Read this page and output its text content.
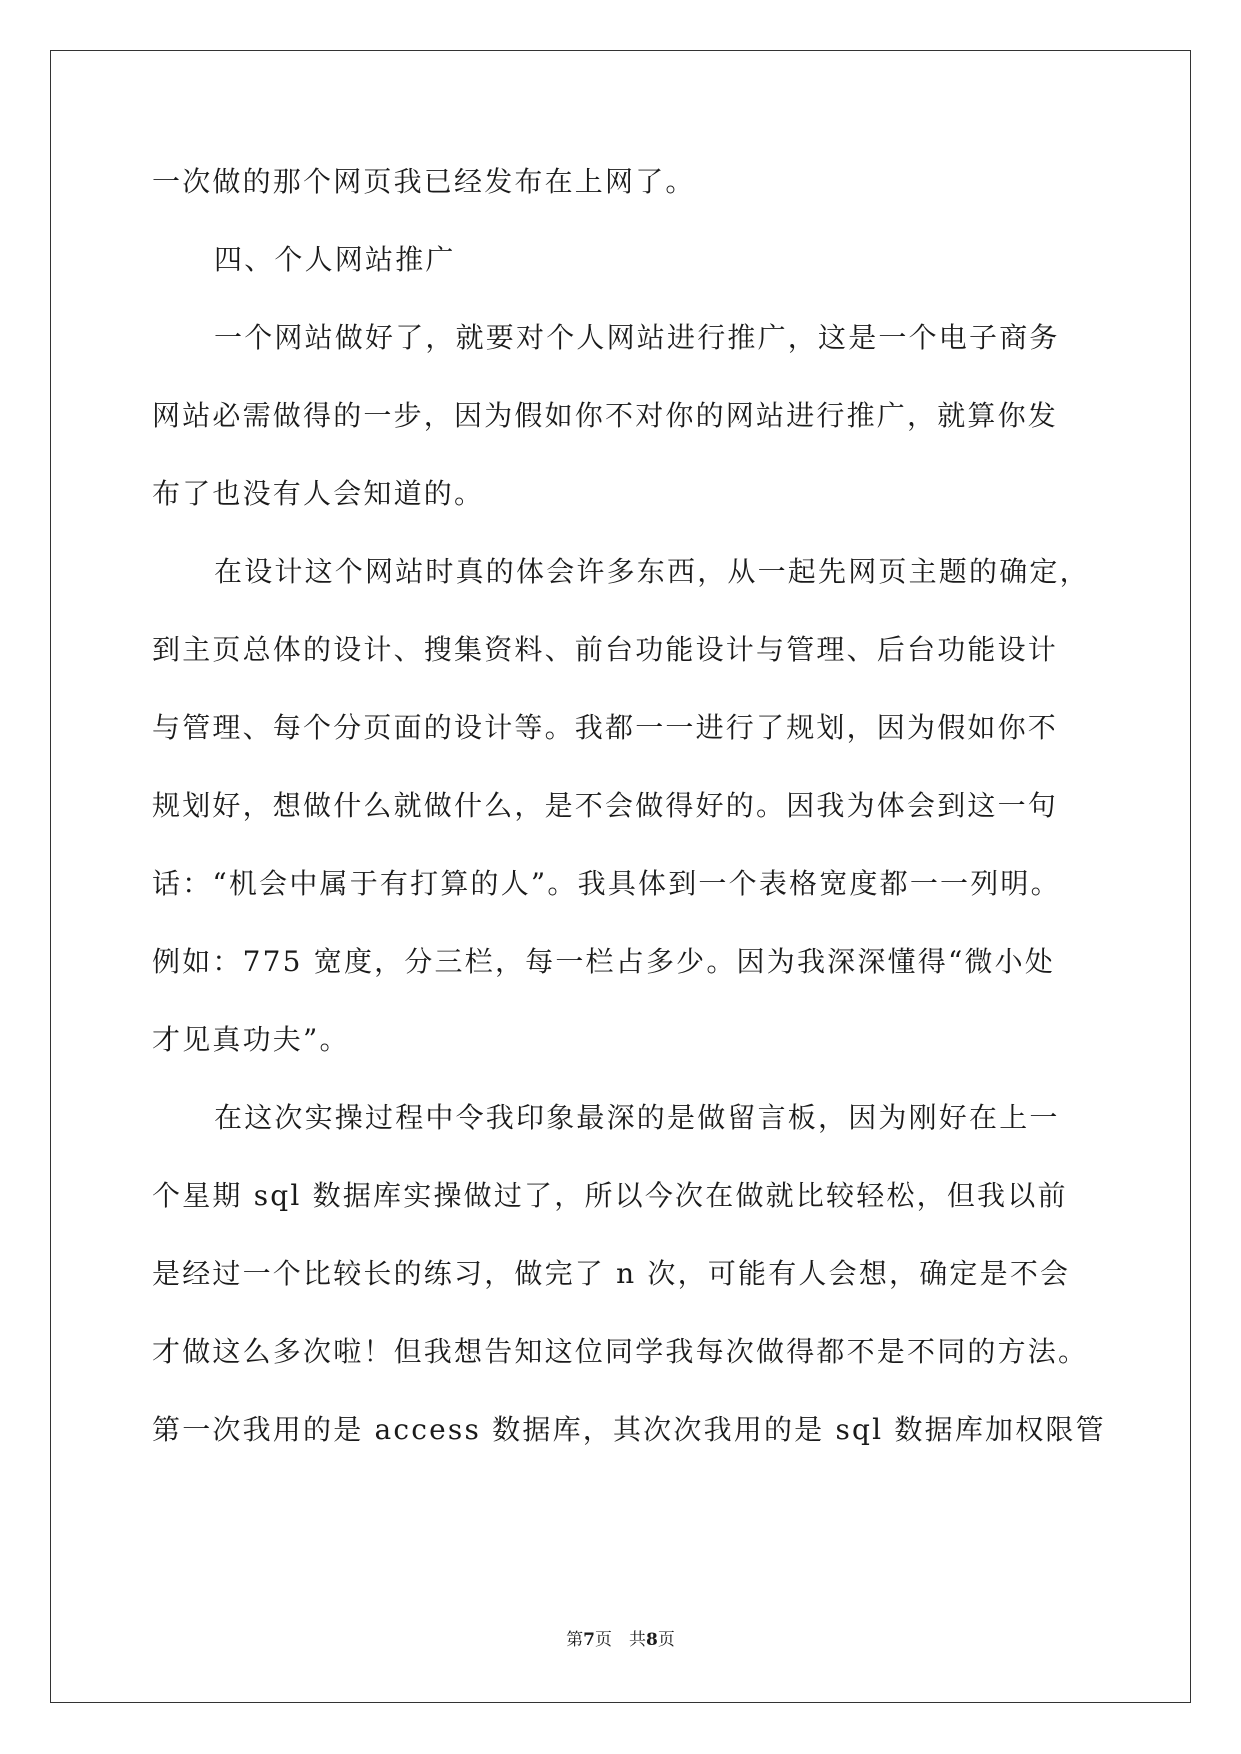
一次做的那个网页我已经发布在上网了。
四、个人网站推广
一个网站做好了，就要对个人网站进行推广，这是一个电子商务
网站必需做得的一步，因为假如你不对你的网站进行推广，就算你发
布了也没有人会知道的。
在设计这个网站时真的体会许多东西，从一起先网页主题的确定，
到主页总体的设计、搜集资料、前台功能设计与管理、后台功能设计
与管理、每个分页面的设计等。我都一一进行了规划，因为假如你不
规划好，想做什么就做什么，是不会做得好的。因我为体会到这一句
话：“机会中属于有打算的人”。我具体到一个表格宽度都一一列明。
例如：775 宽度，分三栏，每一栏占多少。因为我深深懂得“微小处
才见真功夫”。
在这次实操过程中令我印象最深的是做留言板，因为刚好在上一
个星期 sql 数据库实操做过了，所以今次在做就比较轻松，但我以前
是经过一个比较长的练习，做完了 n 次，可能有人会想，确定是不会
才做这么多次啦！但我想告知这位同学我每次做得都不是不同的方法。
第一次我用的是 access 数据库，其次次我用的是 sql 数据库加权限管
第7页　共8页
